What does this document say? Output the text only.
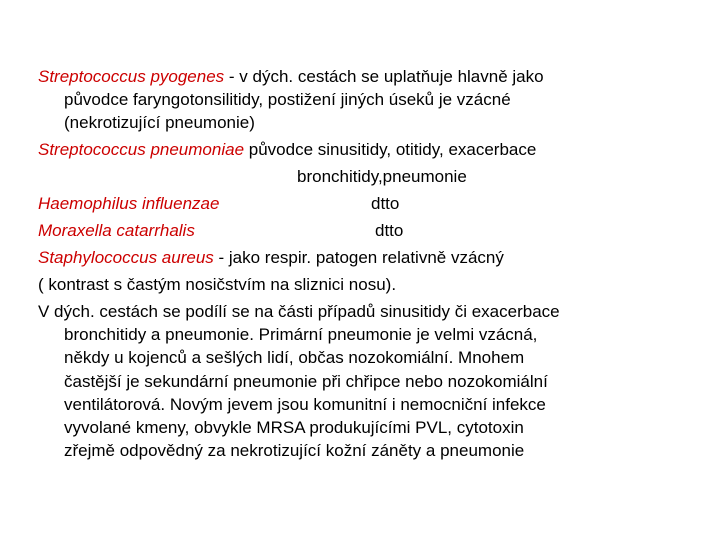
Streptococcus pyogenes - v dých. cestách se uplatňuje hlavně jako
původce faryngotonsilitidy, postižení jiných úseků je vzácné
(nekrotizující pneumonie)
Streptococcus pneumoniae původce sinusitidy, otitidy, exacerbace
bronchitidy,pneumonie
Haemophilus influenzae	dtto
Moraxella catarrhalis	dtto
Staphylococcus aureus - jako respir. patogen relativně vzácný
( kontrast s častým nosičstvím na sliznici nosu).
V dých. cestách se podílí se na části případů sinusitidy či exacerbace
bronchitidy a pneumonie. Primární pneumonie je velmi vzácná,
někdy u kojenců a sešlých lidí, občas nozokomiální. Mnohem
častější je sekundární pneumonie při chřipce nebo nozokomiální
ventilátorová. Novým jevem jsou komunitní i nemocniční infekce
vyvolané kmeny, obvykle MRSA produkujícími PVL, cytotoxin
zřejmě odpovědný za nekrotizující kožní záněty a pneumonie
